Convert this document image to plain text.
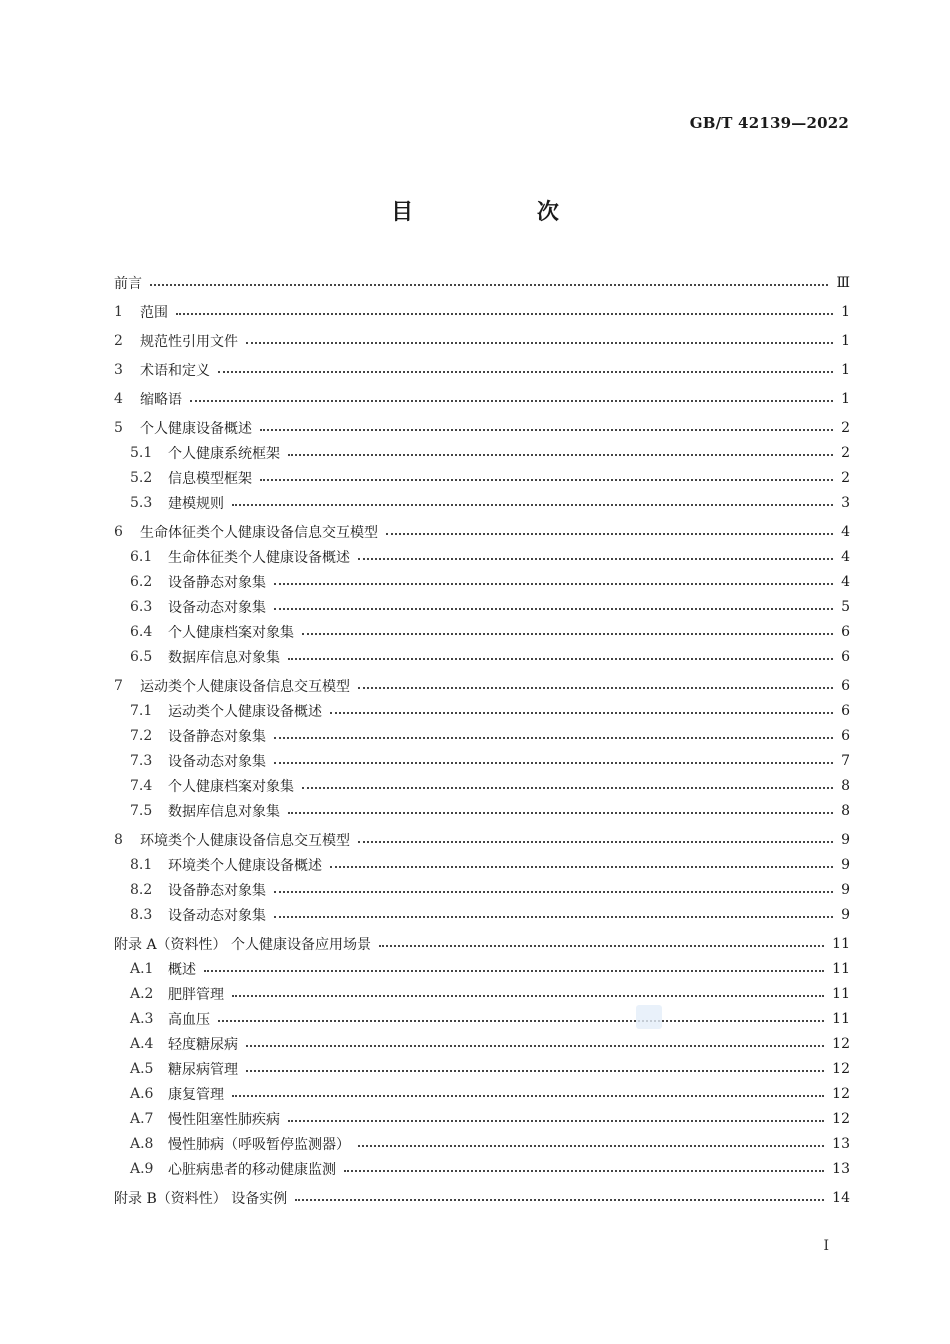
GB/T 42139—2022
目 次
前言	Ⅲ
1	范围	1
2	规范性引用文件	1
3	术语和定义	1
4	缩略语	1
5	个人健康设备概述	2
5.1	个人健康系统框架	2
5.2	信息模型框架	2
5.3	建模规则	3
6	生命体征类个人健康设备信息交互模型	4
6.1	生命体征类个人健康设备概述	4
6.2	设备静态对象集	4
6.3	设备动态对象集	5
6.4	个人健康档案对象集	6
6.5	数据库信息对象集	6
7	运动类个人健康设备信息交互模型	6
7.1	运动类个人健康设备概述	6
7.2	设备静态对象集	6
7.3	设备动态对象集	7
7.4	个人健康档案对象集	8
7.5	数据库信息对象集	8
8	环境类个人健康设备信息交互模型	9
8.1	环境类个人健康设备概述	9
8.2	设备静态对象集	9
8.3	设备动态对象集	9
附录 A（资料性） 个人健康设备应用场景	11
A.1	概述	11
A.2	肥胖管理	11
A.3	高血压	11
A.4	轻度糖尿病	12
A.5	糖尿病管理	12
A.6	康复管理	12
A.7	慢性阻塞性肺疾病	12
A.8	慢性肺病（呼吸暂停监测器）	13
A.9	心脏病患者的移动健康监测	13
附录 B（资料性） 设备实例	14
I
